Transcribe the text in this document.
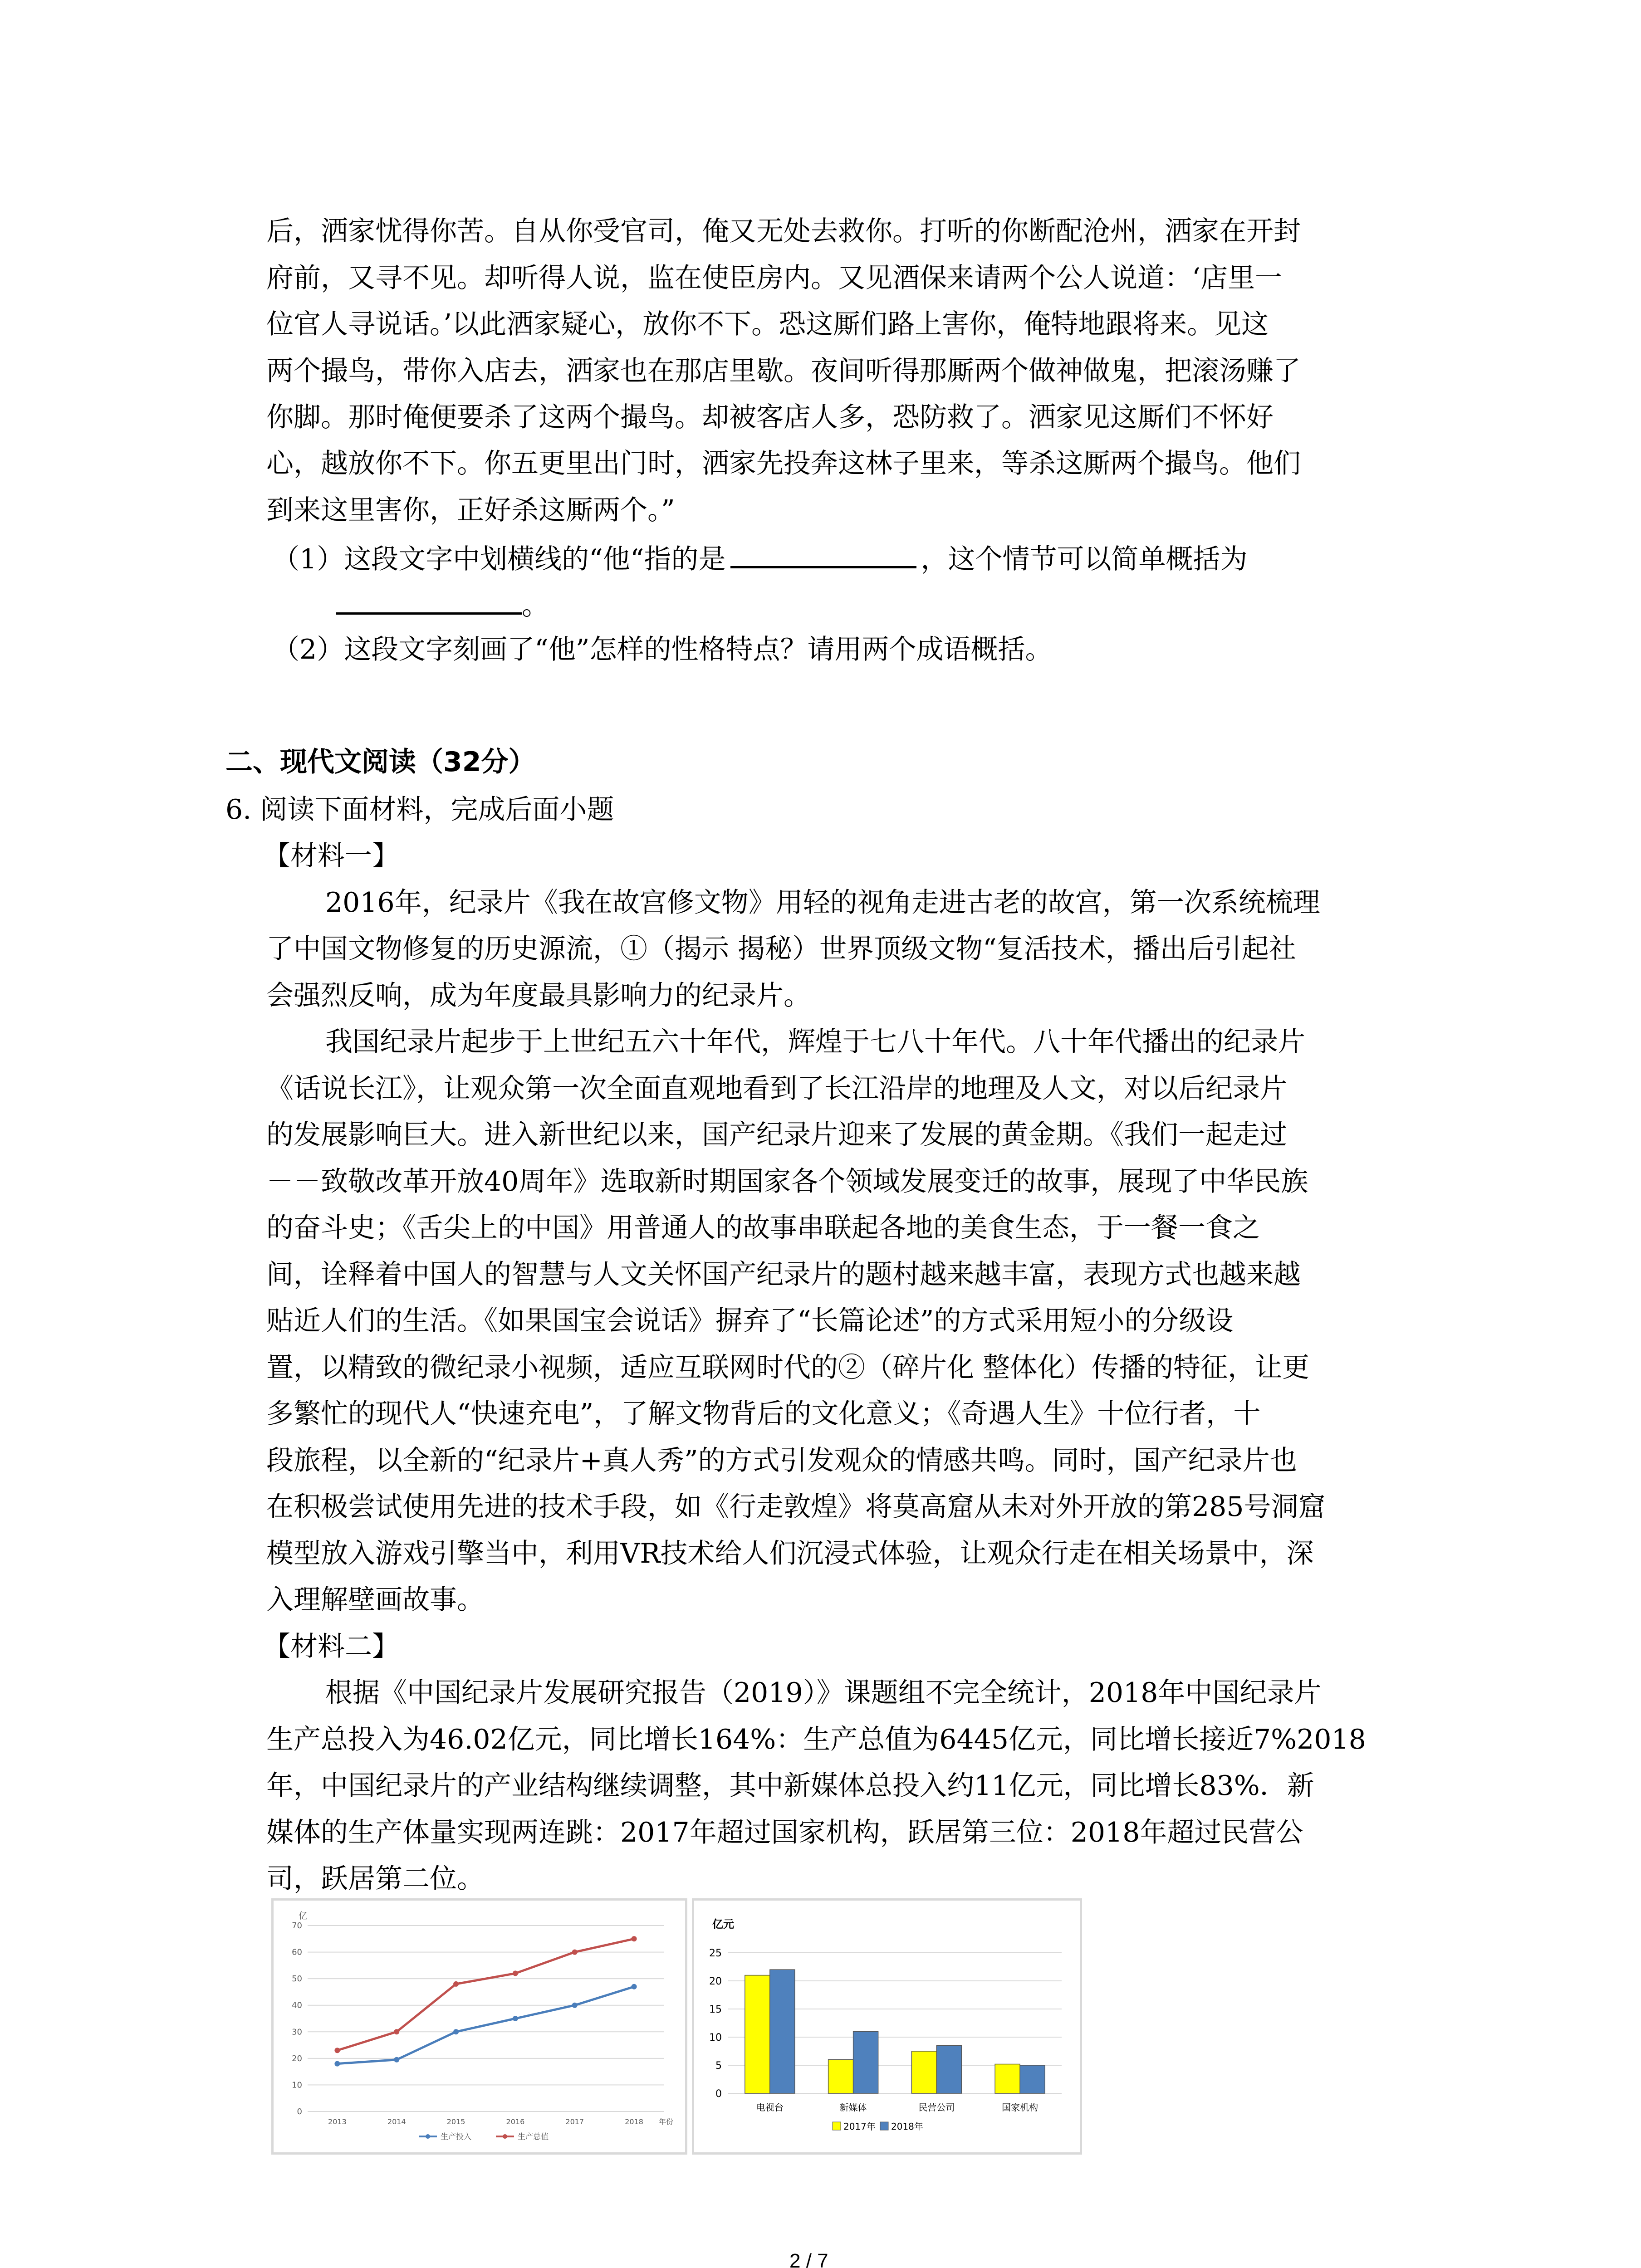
后，洒家忧得你苦。自从你受官司，俺又无处去救你。打听的你断配沧州，洒家在开封
府前，又寻不见。却听得人说，监在使臣房内。又见酒保来请两个公人说道：‘店里一
位官人寻说话。’以此洒家疑心，放你不下。恐这厮们路上害你，俺特地跟将来。见这
两个撮鸟，带你入店去，洒家也在那店里歇。夜间听得那厮两个做神做鬼，把滚汤赚了
你脚。那时俺便要杀了这两个撮鸟。却被客店人多，恐防救了。洒家见这厮们不怀好
心，越放你不下。你五更里出门时，洒家先投奔这林子里来，等杀这厮两个撮鸟。他们
到来这里害你，正好杀这厮两个。”
（1）这段文字中划横线的“他“指的是	，这个情节可以简单概括为
。
（2）这段文字刻画了“他”怎样的性格特点？请用两个成语概括。
二、现代文阅读（32分）
6. 阅读下面材料，完成后面小题
【材料一】
2016年，纪录片《我在故宫修文物》用轻的视角走进古老的故宫，第一次系统梳理
了中国文物修复的历史源流，①（揭示 揭秘）世界顶级文物“复活技术，播出后引起社
会强烈反响，成为年度最具影响力的纪录片。
我国纪录片起步于上世纪五六十年代，辉煌于七八十年代。八十年代播出的纪录片
《话说长江》，让观众第一次全面直观地看到了长江沿岸的地理及人文，对以后纪录片
的发展影响巨大。进入新世纪以来，国产纪录片迎来了发展的黄金期。《我们一起走过
－－致敬改革开放40周年》选取新时期国家各个领域发展变迁的故事，展现了中华民族
的奋斗史；《舌尖上的中国》用普通人的故事串联起各地的美食生态，于一餐一食之
间，诠释着中国人的智慧与人文关怀国产纪录片的题村越来越丰富，表现方式也越来越
贴近人们的生活。《如果国宝会说话》摒弃了“长篇论述”的方式采用短小的分级设
置，以精致的微纪录小视频，适应互联网时代的②（碎片化 整体化）传播的特征，让更
多繁忙的现代人“快速充电”，了解文物背后的文化意义；《奇遇人生》十位行者，十
段旅程，以全新的“纪录片+真人秀”的方式引发观众的情感共鸣。同时，国产纪录片也
在积极尝试使用先进的技术手段，如《行走敦煌》将莫高窟从未对外开放的第285号洞窟
模型放入游戏引擎当中，利用VR技术给人们沉浸式体验，让观众行走在相关场景中，深
入理解壁画故事。
【材料二】
根据《中国纪录片发展研究报告（2019）》课题组不完全统计，2018年中国纪录片
生产总投入为46.02亿元，同比增长164%：生产总值为6445亿元，同比增长接近7%2018
年，中国纪录片的产业结构继续调整，其中新媒体总投入约11亿元，同比增长83%．新
媒体的生产体量实现两连跳：2017年超过国家机构，跃居第三位：2018年超过民营公
司，跃居第二位。
0
10
20
30
40
50
60
70
亿
2013	2014	2015	2016	2017	2018 年份
生产投入	生产总值
0
5
10
15
20
25
亿元
电视台	新媒体	民营公司	国家机构
2017年 2018年
2 / 7
